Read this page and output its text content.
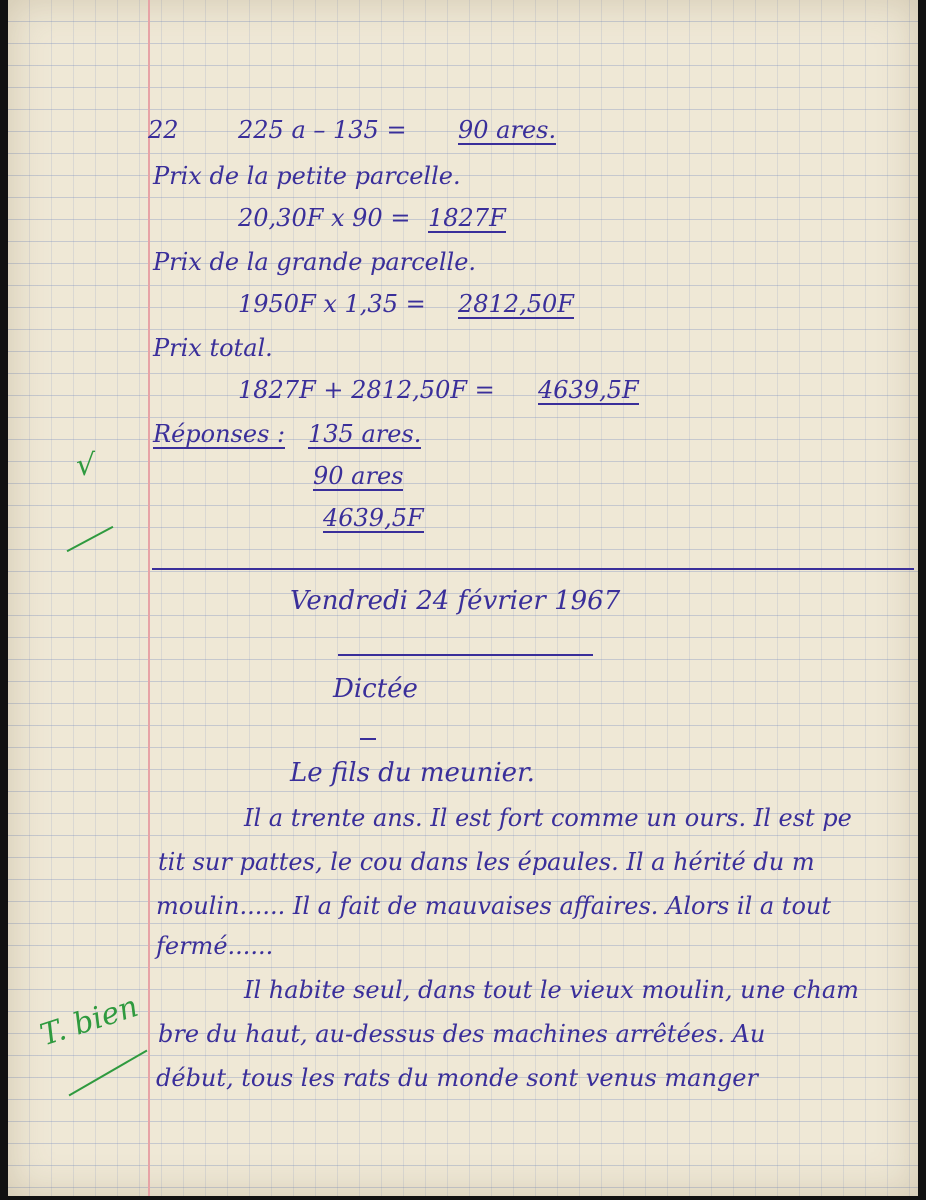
22 225 a – 135 = 90 ares.
Prix de la petite parcelle.
20,30F x 90 = 1827F
Prix de la grande parcelle.
1950F x 1,35 = 2812,50F
Prix total.
1827F + 2812,50F = 4639,5F
Réponses : 135 ares.
90 ares
4639,5F
√
Vendredi 24 février 1967
Dictée
Le fils du meunier.
Il a trente ans. Il est fort comme un ours. Il est pe
tit sur pattes, le cou dans les épaules. Il a hérité du m
moulin...... Il a fait de mauvaises affaires. Alors il a tout
fermé......
Il habite seul, dans tout le vieux moulin, une cham
bre du haut, au-dessus des machines arrêtées. Au
début, tous les rats du monde sont venus manger
T. bien
